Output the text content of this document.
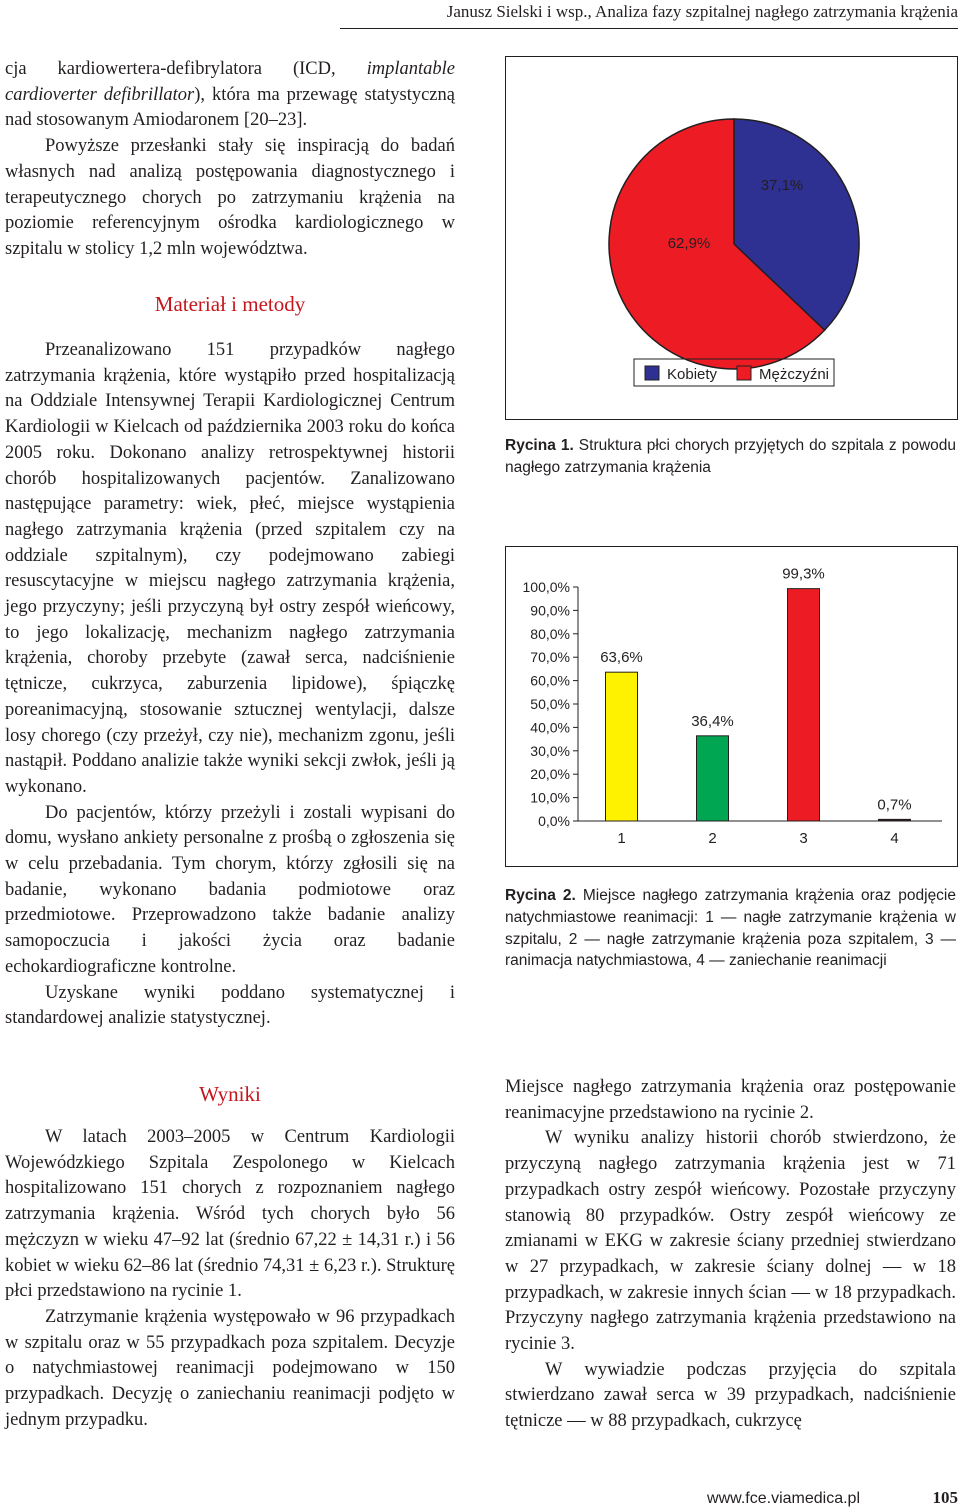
Janusz Sielski i wsp., Analiza fazy szpitalnej nagłego zatrzymania krążenia

cja kardiowertera-defibrylatora (ICD, implantable cardioverter defibrillator), która ma przewagę statystyczną nad stosowanym Amiodaronem [20–23].

Powyższe przesłanki stały się inspiracją do badań własnych nad analizą postępowania diagnostycznego i terapeutycznego chorych po zatrzymaniu krążenia na poziomie referencyjnym ośrodka kardiologicznego w szpitalu w stolicy 1,2 mln województwa.

Materiał i metody

Przeanalizowano 151 przypadków nagłego zatrzymania krążenia, które wystąpiło przed hospitalizacją na Oddziale Intensywnej Terapii Kardiologicznej Centrum Kardiologii w Kielcach od października 2003 roku do końca 2005 roku. Dokonano analizy retrospektywnej historii chorób hospitalizowanych pacjentów. Zanalizowano następujące parametry: wiek, płeć, miejsce wystąpienia nagłego zatrzymania krążenia (przed szpitalem czy na oddziale szpitalnym), czy podejmowano zabiegi resuscytacyjne w miejscu nagłego zatrzymania krążenia, jego przyczyny; jeśli przyczyną był ostry zespół wieńcowy, to jego lokalizację, mechanizm nagłego zatrzymania krążenia, choroby przebyte (zawał serca, nadciśnienie tętnicze, cukrzyca, zaburzenia lipidowe), śpiączkę poreanimacyjną, stosowanie sztucznej wentylacji, dalsze losy chorego (czy przeżył, czy nie), mechanizm zgonu, jeśli nastąpił. Poddano analizie także wyniki sekcji zwłok, jeśli ją wykonano.

Do pacjentów, którzy przeżyli i zostali wypisani do domu, wysłano ankiety personalne z prośbą o zgłoszenia się w celu przebadania. Tym chorym, którzy zgłosili się na badanie, wykonano badania podmiotowe oraz przedmiotowe. Przeprowadzono także badanie analizy samopoczucia i jakości życia oraz badanie echokardiograficzne kontrolne.

Uzyskane wyniki poddano systematycznej i standardowej analizie statystycznej.

Wyniki

W latach 2003–2005 w Centrum Kardiologii Wojewódzkiego Szpitala Zespolonego w Kielcach hospitalizowano 151 chorych z rozpoznaniem nagłego zatrzymania krążenia. Wśród tych chorych było 56 mężczyzn w wieku 47–92 lat (średnio 67,22 ± 14,31 r.) i 56 kobiet w wieku 62–86 lat (średnio 74,31 ± 6,23 r.). Strukturę płci przedstawiono na rycinie 1.

Zatrzymanie krążenia występowało w 96 przypadkach w szpitalu oraz w 55 przypadkach poza szpitalem. Decyzje o natychmiastowej reanimacji podejmowano w 150 przypadkach. Decyzję o zaniechaniu reanimacji podjęto w jednym przypadku.

37,1%
62,9%
Kobiety	Mężczyźni
Rycina 1. Struktura płci chorych przyjętych do szpitala z powodu nagłego zatrzymania krążenia
0,0%
10,0%
20,0%
30,0%
40,0%
50,0%
60,0%
70,0%
80,0%
90,0%
100,0%
63,6%
1
36,4%
2
99,3%
3
0,7%
4
Rycina 2. Miejsce nagłego zatrzymania krążenia oraz podjęcie natychmiastowe reanimacji: 1 — nagłe zatrzymanie krążenia w szpitalu, 2 — nagłe zatrzymanie krążenia poza szpitalem, 3 — ranimacja natychmiastowa, 4 — zaniechanie reanimacji

Miejsce nagłego zatrzymania krążenia oraz postępowanie reanimacyjne przedstawiono na rycinie 2.

W wyniku analizy historii chorób stwierdzono, że przyczyną nagłego zatrzymania krążenia jest w 71 przypadkach ostry zespół wieńcowy. Pozostałe przyczyny stanowią 80 przypadków. Ostry zespół wieńcowy ze zmianami w EKG w zakresie ściany przedniej stwierdzano w 27 przypadkach, w zakresie ściany dolnej — w 18 przypadkach, w zakresie innych ścian — w 18 przypadkach. Przyczyny nagłego zatrzymania krążenia przedstawiono na rycinie 3.

W wywiadzie podczas przyjęcia do szpitala stwierdzano zawał serca w 39 przypadkach, nadciśnienie tętnicze — w 88 przypadkach, cukrzycę

www.fce.viamedica.pl	105
